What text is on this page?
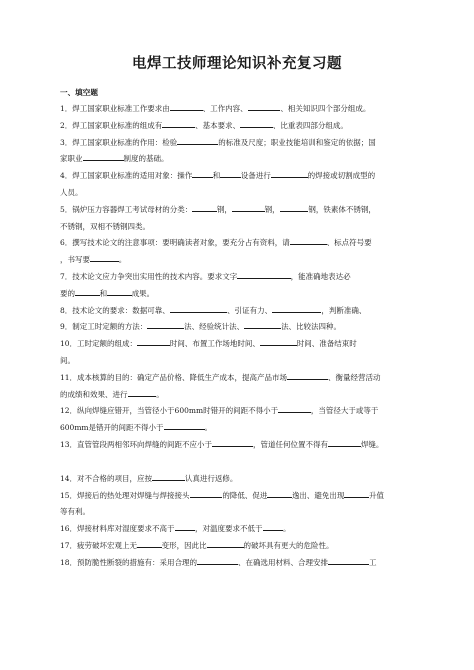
电焊工技师理论知识补充复习题
一、填空题
1．焊工国家职业标准工作要求由	、工作内容、	、相关知识四个部分组成。
2．焊工国家职业标准的组成有	、基本要求、	、比重表四部分组成。
3．焊工国家职业标准的作用：检验	的标准及尺度；职业技能培训和鉴定的依据；国
家职业	制度的基础。
4．焊工国家职业标准的适用对象：操作	和	设备进行	的焊接或切割成型的
人员。
5．锅炉压力容器焊工考试母材的分类：	钢，	钢，	钢，铁素体不锈钢，
不锈钢，双相不锈钢四类。
6．撰写技术论文的注意事项：要明确读者对象，要充分占有资料，请	、标点符号要
，书写要	。
7．技术论文应力争突出实用性的技术内容。要求文字	，能准确地表达必
要的	和	成果。
8．技术论文的要求：数据可靠、	、引证有力、	，判断准确、
9．制定工时定额的方法：	法、经验统计法、	法、比较法四种。
10．工时定额的组成：	时间、布置工作场地时间、	时间、准备结束时
间。
11．成本核算的目的：确定产品价格、降低生产成本，提高产品市场	、衡量经营活动
的成绩和效果、进行	。
12．纵向焊缝应错开，当管径小于600mm时错开的间距不得小于	，当管径大于或等于
600mm是错开的间距不得小于	。
13．直管管段两相邻环向焊缝的间距不应小于	，管道任何位置不得有	焊缝。
14．对不合格的项目，应按	认真进行返修。
15．焊接后的热处理对焊缝与焊接接头	的降低、促进	逸出、避免出现	升值
等有利。
16．焊接材料库对湿度要求不高于	，对温度要求不低于	。
17．疲劳破坏宏观上无	变形，因此比	的破坏具有更大的危险性。
18．预防脆性断裂的措施有：采用合理的	、在确选用材料、合理安排	工
